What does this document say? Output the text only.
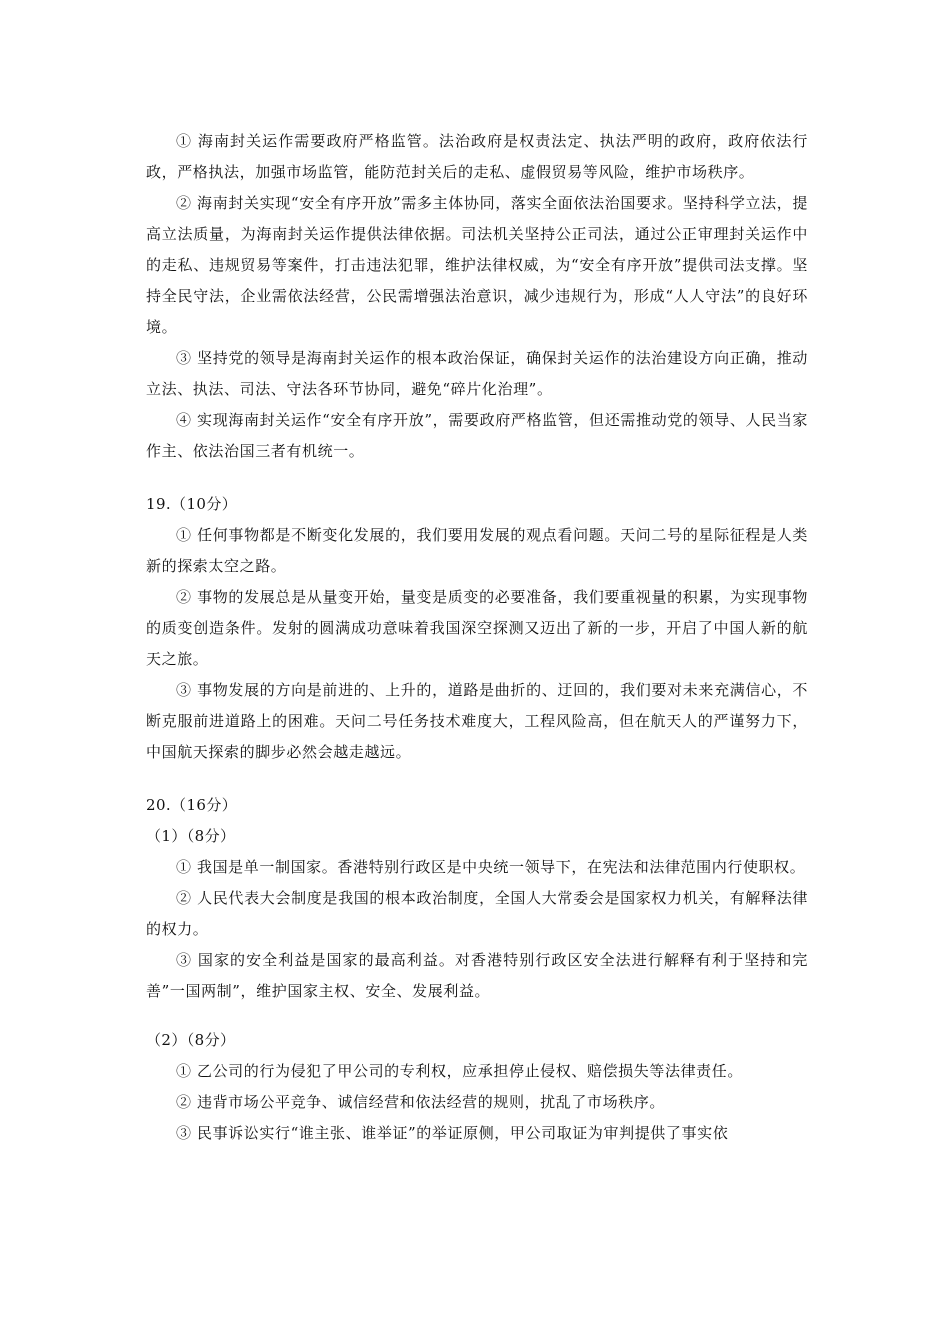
① 海南封关运作需要政府严格监管。法治政府是权责法定、执法严明的政府，政府依法行政，严格执法，加强市场监管，能防范封关后的走私、虚假贸易等风险，维护市场秩序。

② 海南封关实现“安全有序开放”需多主体协同，落实全面依法治国要求。坚持科学立法，提高立法质量，为海南封关运作提供法律依据。司法机关坚持公正司法，通过公正审理封关运作中的走私、违规贸易等案件，打击违法犯罪，维护法律权威，为“安全有序开放”提供司法支撑。坚持全民守法，企业需依法经营，公民需增强法治意识，减少违规行为，形成“人人守法”的良好环境。

③ 坚持党的领导是海南封关运作的根本政治保证，确保封关运作的法治建设方向正确，推动立法、执法、司法、守法各环节协同，避免“碎片化治理”。

④ 实现海南封关运作“安全有序开放”，需要政府严格监管，但还需推动党的领导、人民当家作主、依法治国三者有机统一。

19.（10分）

① 任何事物都是不断变化发展的，我们要用发展的观点看问题。天问二号的星际征程是人类新的探索太空之路。

② 事物的发展总是从量变开始，量变是质变的必要准备，我们要重视量的积累，为实现事物的质变创造条件。发射的圆满成功意味着我国深空探测又迈出了新的一步，开启了中国人新的航天之旅。

③ 事物发展的方向是前进的、上升的，道路是曲折的、迂回的，我们要对未来充满信心，不断克服前进道路上的困难。天问二号任务技术难度大，工程风险高，但在航天人的严谨努力下，中国航天探索的脚步必然会越走越远。

20.（16分）

（1）（8分）

① 我国是单一制国家。香港特别行政区是中央统一领导下，在宪法和法律范围内行使职权。

② 人民代表大会制度是我国的根本政治制度，全国人大常委会是国家权力机关，有解释法律的权力。

③ 国家的安全利益是国家的最高利益。对香港特别行政区安全法进行解释有利于坚持和完善”一国两制”，维护国家主权、安全、发展利益。

（2）（8分）

① 乙公司的行为侵犯了甲公司的专利权，应承担停止侵权、赔偿损失等法律责任。

② 违背市场公平竞争、诚信经营和依法经营的规则，扰乱了市场秩序。

③ 民事诉讼实行“谁主张、谁举证”的举证原侧，甲公司取证为审判提供了事实依
